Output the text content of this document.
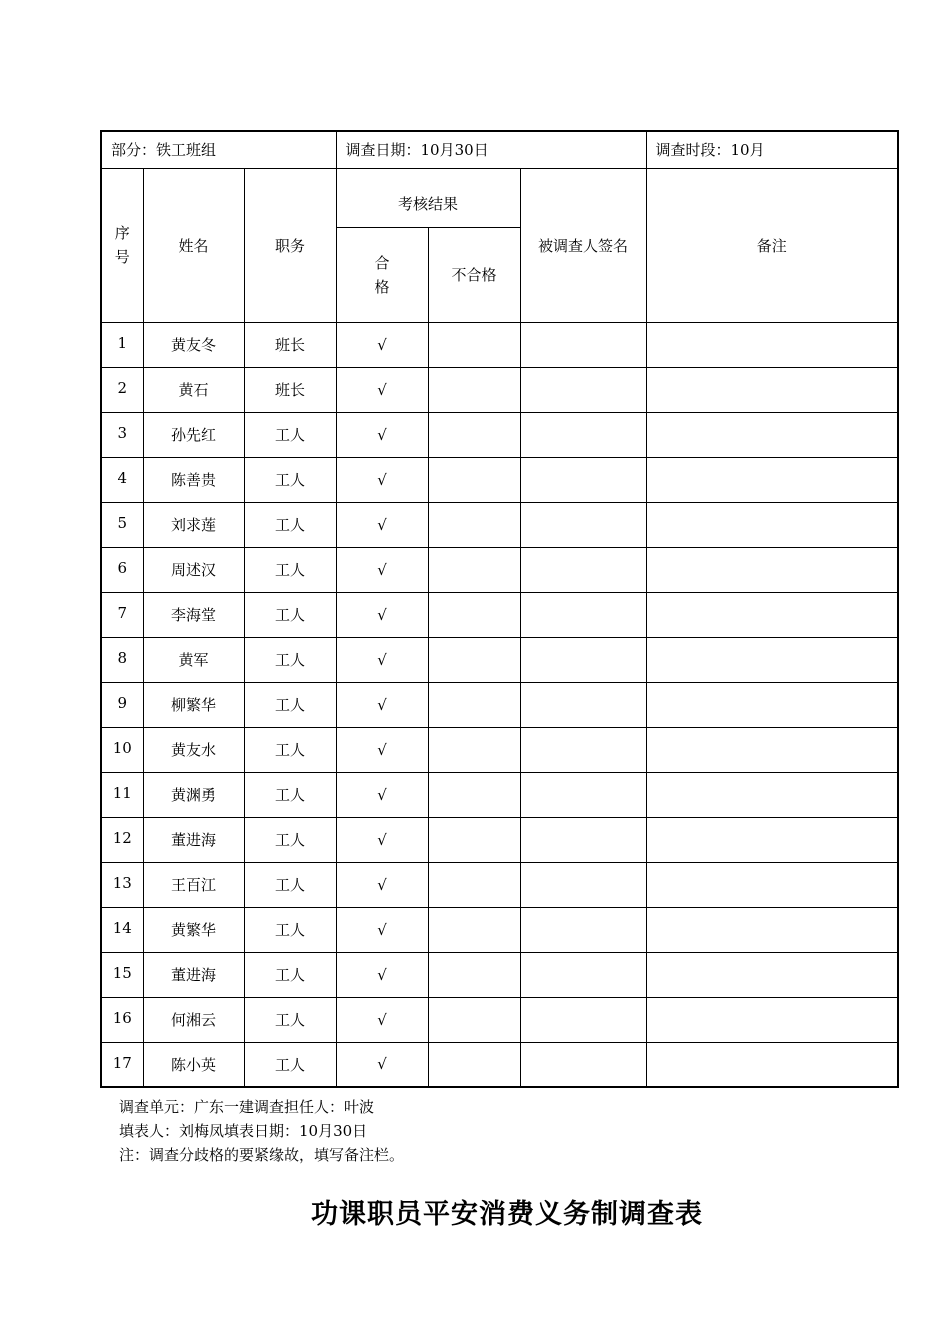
部分：铁工班组			调查日期：10月30日			调查时段：10月
序号	姓名	职务	考核结果		被调查人签名	备注
			合格	不合格		
1	黄友冬	班长	√			
2	黄石	班长	√			
3	孙先红	工人	√			
4	陈善贵	工人	√			
5	刘求莲	工人	√			
6	周述汉	工人	√			
7	李海堂	工人	√			
8	黄军	工人	√			
9	柳繁华	工人	√			
10	黄友水	工人	√			
11	黄渊勇	工人	√			
12	董进海	工人	√			
13	王百江	工人	√			
14	黄繁华	工人	√			
15	董进海	工人	√			
16	何湘云	工人	√			
17	陈小英	工人	√			
调查单元：广东一建调查担任人：叶波
填表人：刘梅凤填表日期：10月30日
注：调查分歧格的要紧缘故，填写备注栏。
功课职员平安消费义务制调查表
